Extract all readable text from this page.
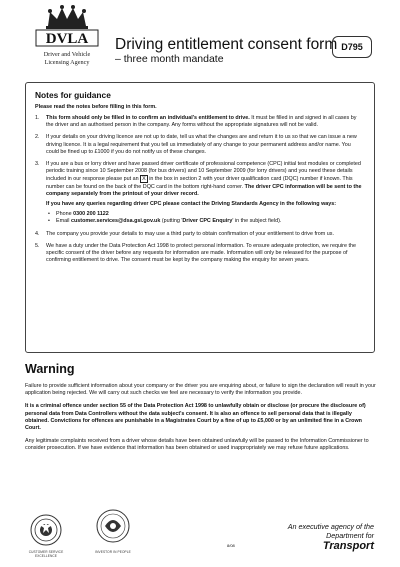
DVLA
Driver and Vehicle
Licensing Agency
Driving entitlement consent form
– three month mandate
D795
Notes for guidance
Please read the notes before filling in this form.
1. This form should only be filled in to confirm an individual's entitlement to drive. It must be filled in and signed in all cases by the driver and an authorised person in the company. Any forms without the appropriate signatures will not be valid.

2. If your details on your driving licence are not up to date, tell us what the changes are and return it to us so that we can issue a new driving licence. It is a legal requirement that you tell us immediately of any change to your permanent address and/or name. You could be fined up to £1000 if you do not notify us of these changes.

3. If you are a bus or lorry driver and have passed driver certificate of professional competence (CPC) initial test modules or completed periodic training since 10 September 2008 (for bus drivers) and 10 September 2009 (for lorry drivers) and you need these details included in our response please put an X in the box in section 2 with your driver qualification card (DQC) number if known. This number can be found on the back of the DQC card in the bottom right-hand corner. The driver CPC information will be sent to the company separately from the printout of your driver record.

If you have any queries regarding driver CPC please contact the Driving Standards Agency in the following ways:

• Phone 0300 200 1122
• Email customer.services@dsa.gsi.gov.uk (putting 'Driver CPC Enquiry' in the subject field).
4. The company you provide your details to may use a third party to obtain confirmation of your entitlement to drive from us.

5. We have a duty under the Data Protection Act 1998 to protect personal information. To ensure adequate protection, we require the specific consent of the driver before any requests for information are made. Information will only be released for the purpose of confirming entitlement to drive. The consent must be kept by the company making the enquiry for seven years.

Warning

Failure to provide sufficient information about your company or the driver you are enquiring about, or failure to sign the declaration will result in your application being rejected. We will carry out such checks we feel are necessary to verify the information you provide.

It is a criminal offence under section 55 of the Data Protection Act 1998 to unlawfully obtain or disclose (or procure the disclosure of) personal data from Data Controllers without the data subject's consent. It is also an offence to sell personal data that is illegally obtained. Convictions for offences are punishable in a Magistrates Court by a fine of up to £5,000 or by an unlimited fine in a Crown Court.

Any legitimate complaints received from a driver whose details have been obtained unlawfully will be passed to the Information Commissioner to consider prosecution. If we have evidence that information has been obtained or used inappropriately we may refuse future applications.

CUSTOMER SERVICE EXCELLENCE
INVESTOR IN PEOPLE
8/08
An executive agency of the
Department for
Transport
